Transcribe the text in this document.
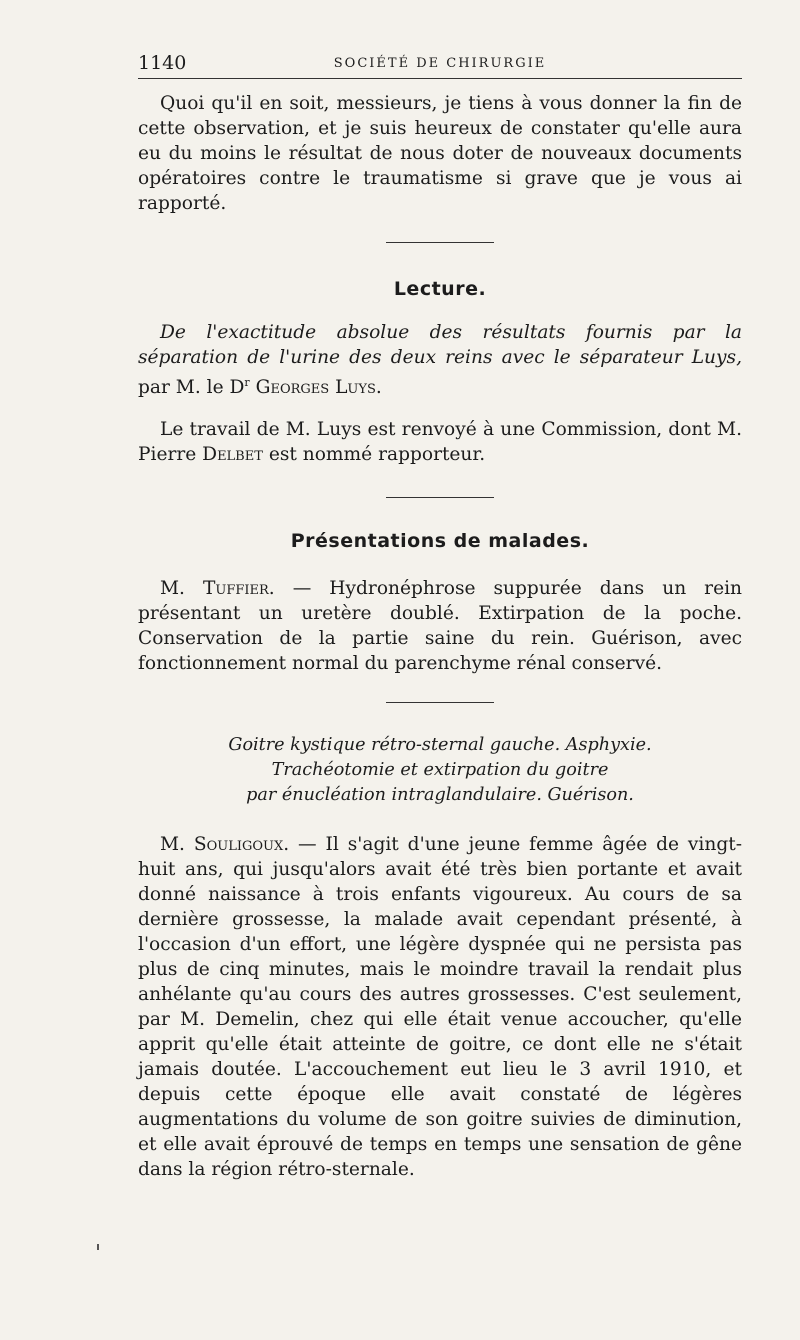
1140	SOCIÉTÉ DE CHIRURGIE

Quoi qu'il en soit, messieurs, je tiens à vous donner la fin de cette observation, et je suis heureux de constater qu'elle aura eu du moins le résultat de nous doter de nouveaux documents opératoires contre le traumatisme si grave que je vous ai rapporté.

Lecture.

De l'exactitude absolue des résultats fournis par la séparation de l'urine des deux reins avec le séparateur Luys, par M. le $D^r$ Georges Luys.

Le travail de M. Luys est renvoyé à une Commission, dont M. Pierre Delbet est nommé rapporteur.

Présentations de malades.

M. Tuffier. — Hydronéphrose suppurée dans un rein présentant un uretère doublé. Extirpation de la poche. Conservation de la partie saine du rein. Guérison, avec fonctionnement normal du parenchyme rénal conservé.

Goitre kystique rétro-sternal gauche. Asphyxie.

Trachéotomie et extirpation du goitre

par énucléation intraglandulaire. Guérison.

M. Souligoux. — Il s'agit d'une jeune femme âgée de vingt-huit ans, qui jusqu'alors avait été très bien portante et avait donné naissance à trois enfants vigoureux. Au cours de sa dernière grossesse, la malade avait cependant présenté, à l'occasion d'un effort, une légère dyspnée qui ne persista pas plus de cinq minutes, mais le moindre travail la rendait plus anhélante qu'au cours des autres grossesses. C'est seulement, par M. Demelin, chez qui elle était venue accoucher, qu'elle apprit qu'elle était atteinte de goitre, ce dont elle ne s'était jamais doutée. L'accouchement eut lieu le 3 avril 1910, et depuis cette époque elle avait constaté de légères augmentations du volume de son goitre suivies de diminution, et elle avait éprouvé de temps en temps une sensation de gêne dans la région rétro-sternale.
